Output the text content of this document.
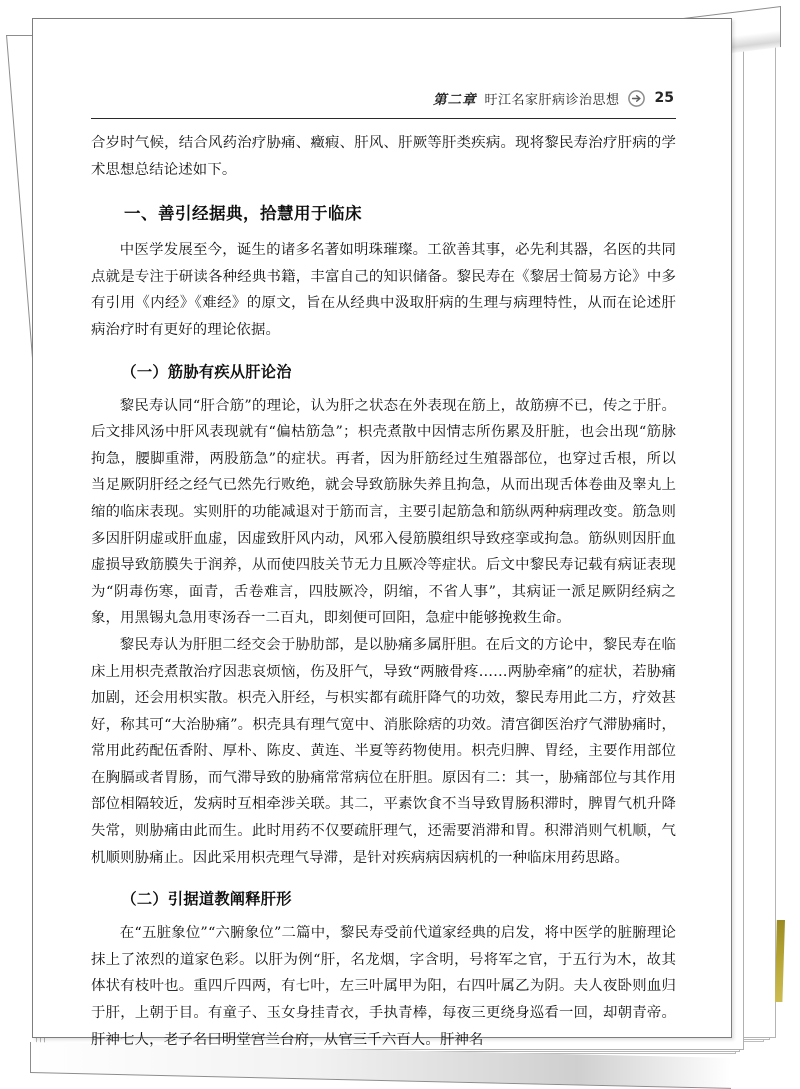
第二章 旴江名家肝病诊治思想	25

合岁时气候，结合风药治疗胁痛、癥瘕、肝风、肝厥等肝类疾病。现将黎民寿治疗肝病的学术思想总结论述如下。

一、善引经据典，拾慧用于临床

中医学发展至今，诞生的诸多名著如明珠璀璨。工欲善其事，必先利其器，名医的共同点就是专注于研读各种经典书籍，丰富自己的知识储备。黎民寿在《黎居士简易方论》中多有引用《内经》《难经》的原文，旨在从经典中汲取肝病的生理与病理特性，从而在论述肝病治疗时有更好的理论依据。

（一）筋胁有疾从肝论治

黎民寿认同“肝合筋”的理论，认为肝之状态在外表现在筋上，故筋痹不已，传之于肝。后文排风汤中肝风表现就有“偏枯筋急”；枳壳煮散中因情志所伤累及肝脏，也会出现“筋脉拘急，腰脚重滞，两股筋急”的症状。再者，因为肝筋经过生殖器部位，也穿过舌根，所以当足厥阴肝经之经气已然先行败绝，就会导致筋脉失养且拘急，从而出现舌体卷曲及睾丸上缩的临床表现。实则肝的功能减退对于筋而言，主要引起筋急和筋纵两种病理改变。筋急则多因肝阴虚或肝血虚，因虚致肝风内动，风邪入侵筋膜组织导致痉挛或拘急。筋纵则因肝血虚损导致筋膜失于润养，从而使四肢关节无力且厥冷等症状。后文中黎民寿记载有病证表现为“阴毒伤寒，面青，舌卷难言，四肢厥冷，阴缩，不省人事”，其病证一派足厥阴经病之象，用黑锡丸急用枣汤吞一二百丸，即刻便可回阳，急症中能够挽救生命。

黎民寿认为肝胆二经交会于胁肋部，是以胁痛多属肝胆。在后文的方论中，黎民寿在临床上用枳壳煮散治疗因悲哀烦恼，伤及肝气，导致“两腋骨疼……两胁牵痛”的症状，若胁痛加剧，还会用枳实散。枳壳入肝经，与枳实都有疏肝降气的功效，黎民寿用此二方，疗效甚好，称其可“大治胁痛”。枳壳具有理气宽中、消胀除痞的功效。清宫御医治疗气滞胁痛时，常用此药配伍香附、厚朴、陈皮、黄连、半夏等药物使用。枳壳归脾、胃经，主要作用部位在胸膈或者胃肠，而气滞导致的胁痛常常病位在肝胆。原因有二：其一，胁痛部位与其作用部位相隔较近，发病时互相牵涉关联。其二，平素饮食不当导致胃肠积滞时，脾胃气机升降失常，则胁痛由此而生。此时用药不仅要疏肝理气，还需要消滞和胃。积滞消则气机顺，气机顺则胁痛止。因此采用枳壳理气导滞，是针对疾病病因病机的一种临床用药思路。

（二）引据道教阐释肝形

在“五脏象位”“六腑象位”二篇中，黎民寿受前代道家经典的启发，将中医学的脏腑理论抹上了浓烈的道家色彩。以肝为例“肝，名龙烟，字含明，号将军之官，于五行为木，故其体状有枝叶也。重四斤四两，有七叶，左三叶属甲为阳，右四叶属乙为阴。夫人夜卧则血归于肝，上朝于目。有童子、玉女身挂青衣，手执青棒，每夜三更绕身巡看一回，却朝青帝。肝神七人，老子名曰明堂宫兰台府，从官三千六百人。肝神名
